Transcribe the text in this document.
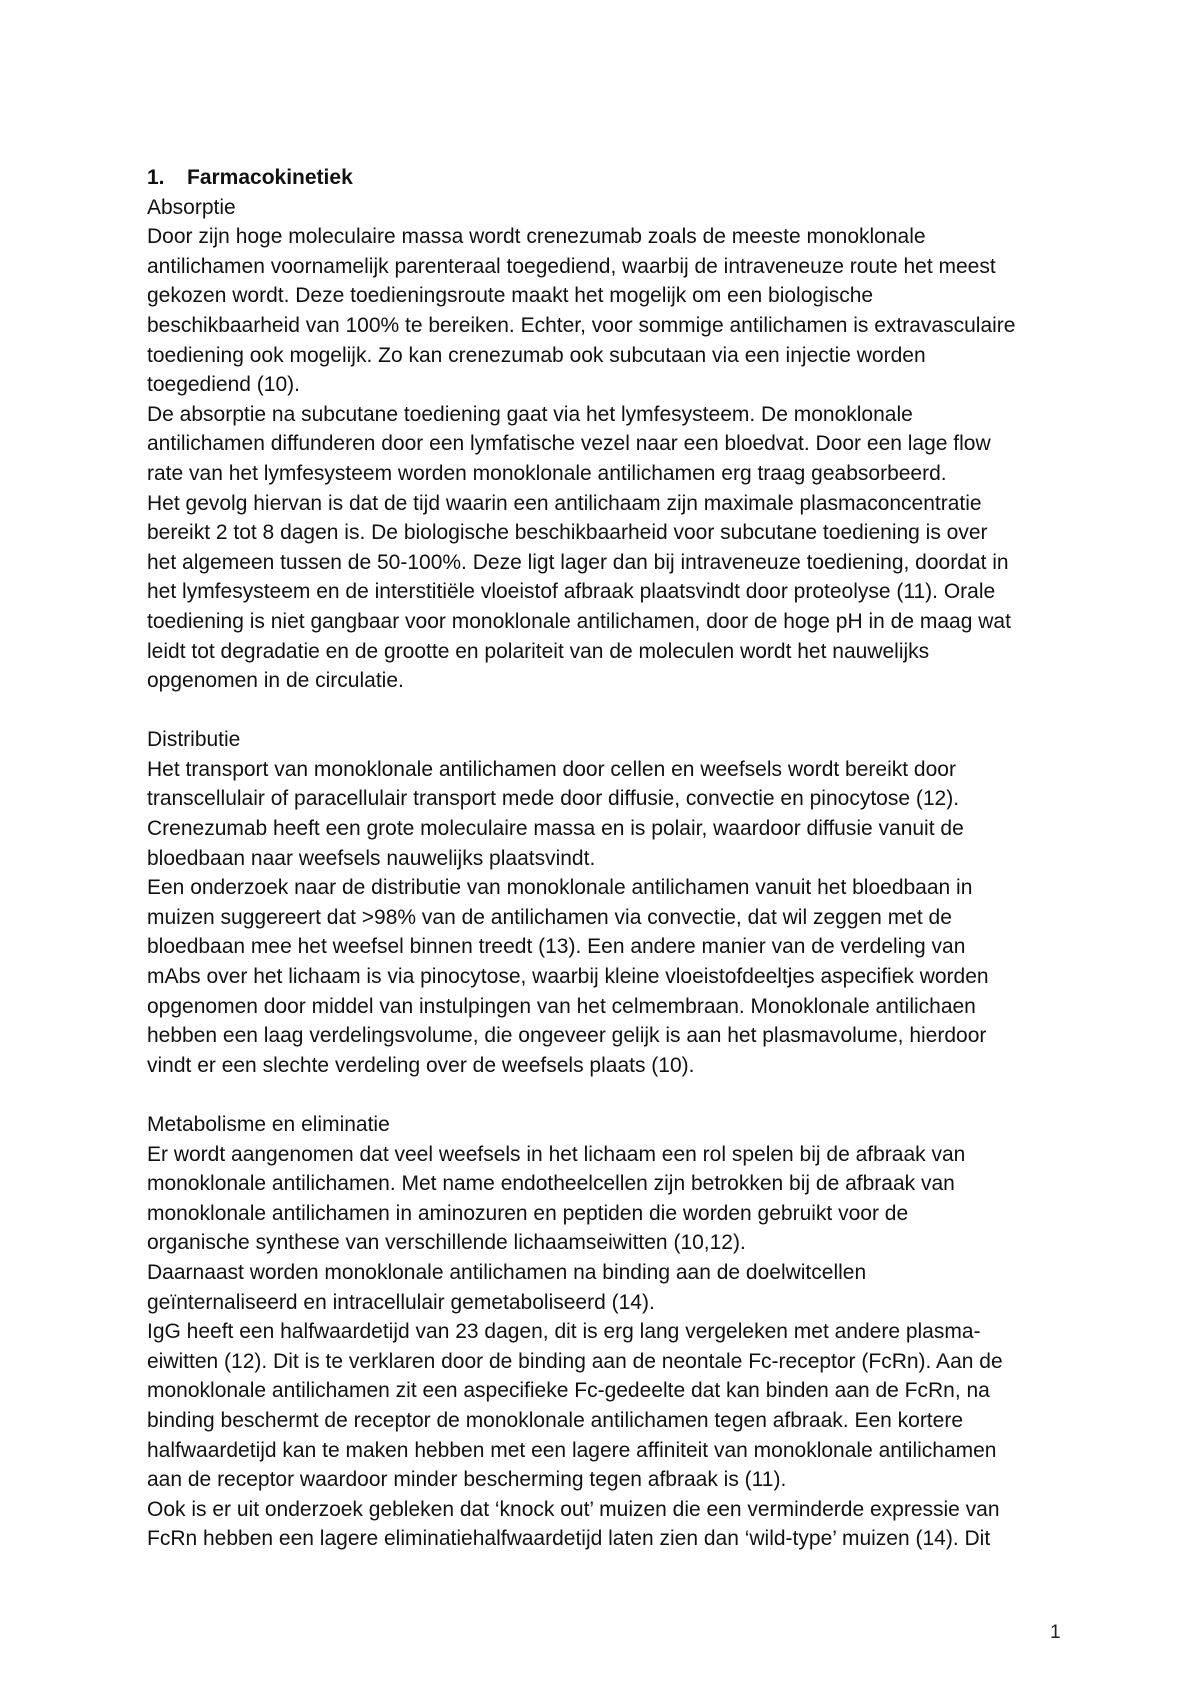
1. Farmacokinetiek
Absorptie
Door zijn hoge moleculaire massa wordt crenezumab zoals de meeste monoklonale
antilichamen voornamelijk parenteraal toegediend, waarbij de intraveneuze route het meest
gekozen wordt. Deze toedieningsroute maakt het mogelijk om een biologische
beschikbaarheid van 100% te bereiken. Echter, voor sommige antilichamen is extravasculaire
toediening ook mogelijk. Zo kan crenezumab ook subcutaan via een injectie worden
toegediend (10).
De absorptie na subcutane toediening gaat via het lymfesysteem. De monoklonale
antilichamen diffunderen door een lymfatische vezel naar een bloedvat. Door een lage flow
rate van het lymfesysteem worden monoklonale antilichamen erg traag geabsorbeerd.
Het gevolg hiervan is dat de tijd waarin een antilichaam zijn maximale plasmaconcentratie
bereikt 2 tot 8 dagen is. De biologische beschikbaarheid voor subcutane toediening is over
het algemeen tussen de 50-100%. Deze ligt lager dan bij intraveneuze toediening, doordat in
het lymfesysteem en de interstitiële vloeistof afbraak plaatsvindt door proteolyse (11). Orale
toediening is niet gangbaar voor monoklonale antilichamen, door de hoge pH in de maag wat
leidt tot degradatie en de grootte en polariteit van de moleculen wordt het nauwelijks
opgenomen in de circulatie.
Distributie
Het transport van monoklonale antilichamen door cellen en weefsels wordt bereikt door
transcellulair of paracellulair transport mede door diffusie, convectie en pinocytose (12).
Crenezumab heeft een grote moleculaire massa en is polair, waardoor diffusie vanuit de
bloedbaan naar weefsels nauwelijks plaatsvindt.
Een onderzoek naar de distributie van monoklonale antilichamen vanuit het bloedbaan in
muizen suggereert dat >98% van de antilichamen via convectie, dat wil zeggen met de
bloedbaan mee het weefsel binnen treedt (13). Een andere manier van de verdeling van
mAbs over het lichaam is via pinocytose, waarbij kleine vloeistofdeeltjes aspecifiek worden
opgenomen door middel van instulpingen van het celmembraan. Monoklonale antilichaen
hebben een laag verdelingsvolume, die ongeveer gelijk is aan het plasmavolume, hierdoor
vindt er een slechte verdeling over de weefsels plaats (10).
Metabolisme en eliminatie
Er wordt aangenomen dat veel weefsels in het lichaam een rol spelen bij de afbraak van
monoklonale antilichamen. Met name endotheelcellen zijn betrokken bij de afbraak van
monoklonale antilichamen in aminozuren en peptiden die worden gebruikt voor de
organische synthese van verschillende lichaamseiwitten (10,12).
Daarnaast worden monoklonale antilichamen na binding aan de doelwitcellen
geïnternaliseerd en intracellulair gemetaboliseerd (14).
IgG heeft een halfwaardetijd van 23 dagen, dit is erg lang vergeleken met andere plasma-
eiwitten (12). Dit is te verklaren door de binding aan de neontale Fc-receptor (FcRn). Aan de
monoklonale antilichamen zit een aspecifieke Fc-gedeelte dat kan binden aan de FcRn, na
binding beschermt de receptor de monoklonale antilichamen tegen afbraak. Een kortere
halfwaardetijd kan te maken hebben met een lagere affiniteit van monoklonale antilichamen
aan de receptor waardoor minder bescherming tegen afbraak is (11).
Ook is er uit onderzoek gebleken dat ‘knock out’ muizen die een verminderde expressie van
FcRn hebben een lagere eliminatiehalfwaardetijd laten zien dan ‘wild-type’ muizen (14). Dit
1
